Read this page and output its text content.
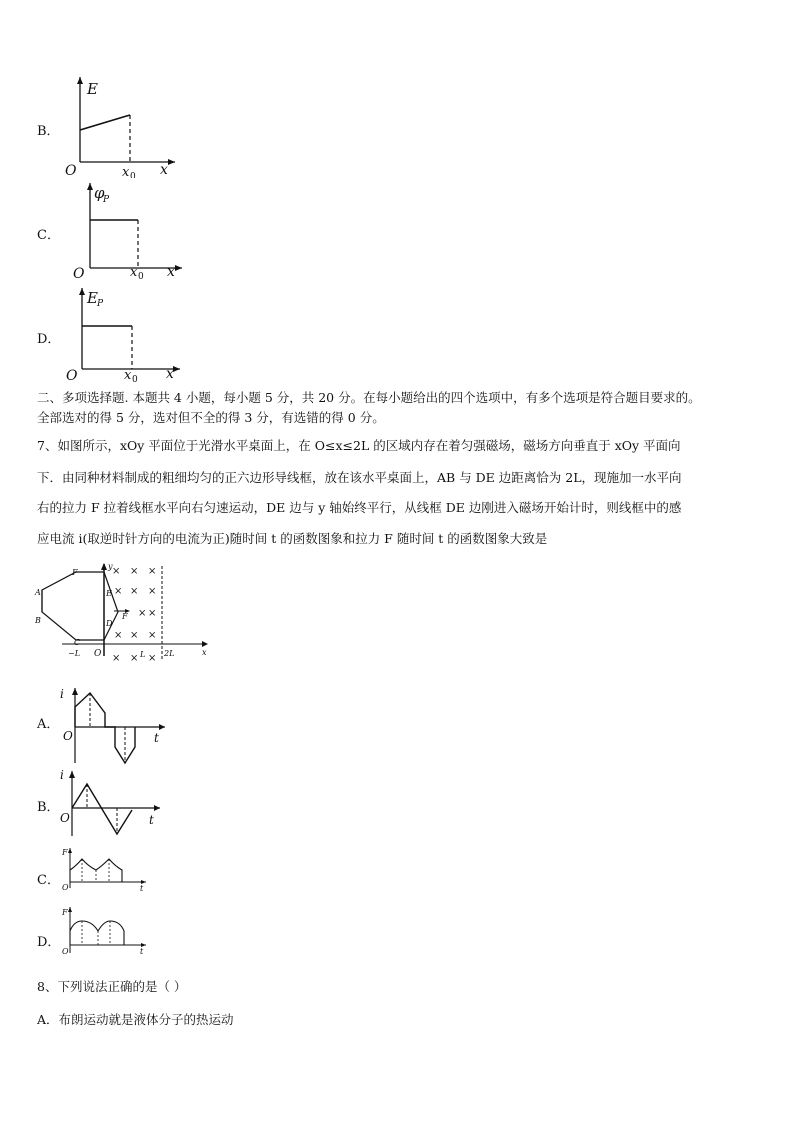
B．
E
O	x 0 x
C．
φ
P
O	x 0 x
D．
E P
O	x 0 x
二、多项选择题. 本题共 4 小题，每小题 5 分，共 20 分。在每小题给出的四个选项中，有多个选项是符合题目要求的。
全部选对的得 5 分，选对但不全的得 3 分，有选错的得 0 分。
7、如图所示，xOy 平面位于光滑水平桌面上，在 O≤x≤2L 的区域内存在着匀强磁场，磁场方向垂直于 xOy 平面向
下．由同种材料制成的粗细均匀的正六边形导线框，放在该水平桌面上，AB 与 DE 边距离恰为 2L，现施加一水平向
右的拉力 F 拉着线框水平向右匀速运动，DE 边与 y 轴始终平行，从线框 DE 边刚进入磁场开始计时，则线框中的感
应电流 i(取逆时针方向的电流为正)随时间 t 的函数图象和拉力 F 随时间 t 的函数图象大致是
F
E
A
B
C
D
y
x
F
O
−L	L 2L
× × ×
× × ×
× ×
× × ×
× × ×
A．
i
O	t
B．
i
O	t
C．
F
O	t
D．
F
O	t
8、下列说法正确的是（ ）
A．布朗运动就是液体分子的热运动
